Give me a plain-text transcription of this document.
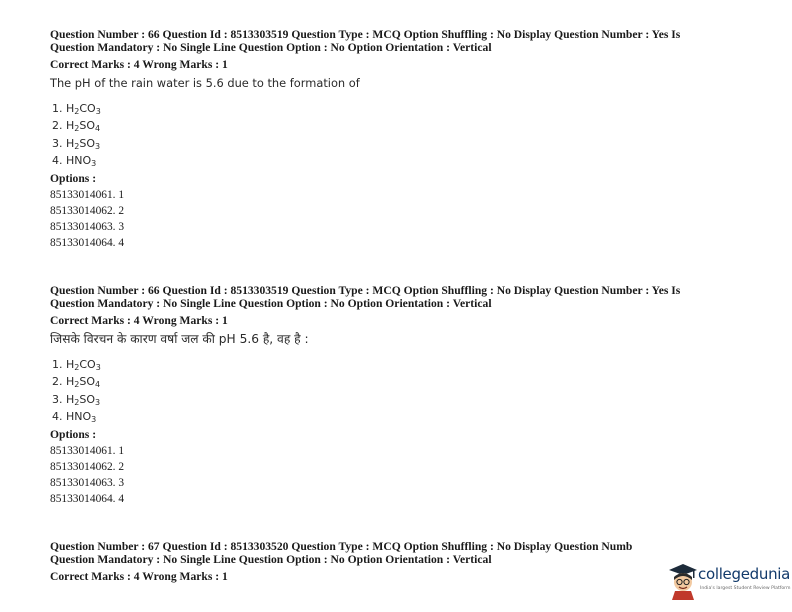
Question Number : 66 Question Id : 8513303519 Question Type : MCQ Option Shuffling : No Display Question Number : Yes Is
Question Mandatory : No Single Line Question Option : No Option Orientation : Vertical
Correct Marks : 4 Wrong Marks : 1
The pH of the rain water is 5.6 due to the formation of
1. $H_2CO_3$
2. $H_2SO_4$
3. $H_2SO_3$
4. $HNO_3$
Options :
85133014061. 1
85133014062. 2
85133014063. 3
85133014064. 4
Question Number : 66 Question Id : 8513303519 Question Type : MCQ Option Shuffling : No Display Question Number : Yes Is
Question Mandatory : No Single Line Question Option : No Option Orientation : Vertical
Correct Marks : 4 Wrong Marks : 1
जिसके विरचन के कारण वर्षा जल की pH 5.6 है, वह है :
1. $H_2CO_3$
2. $H_2SO_4$
3. $H_2SO_3$
4. $HNO_3$
Options :
85133014061. 1
85133014062. 2
85133014063. 3
85133014064. 4
Question Number : 67 Question Id : 8513303520 Question Type : MCQ Option Shuffling : No Display Question Numb
Question Mandatory : No Single Line Question Option : No Option Orientation : Vertical
Correct Marks : 4 Wrong Marks : 1	collegedunia
India's largest Student Review Platform
